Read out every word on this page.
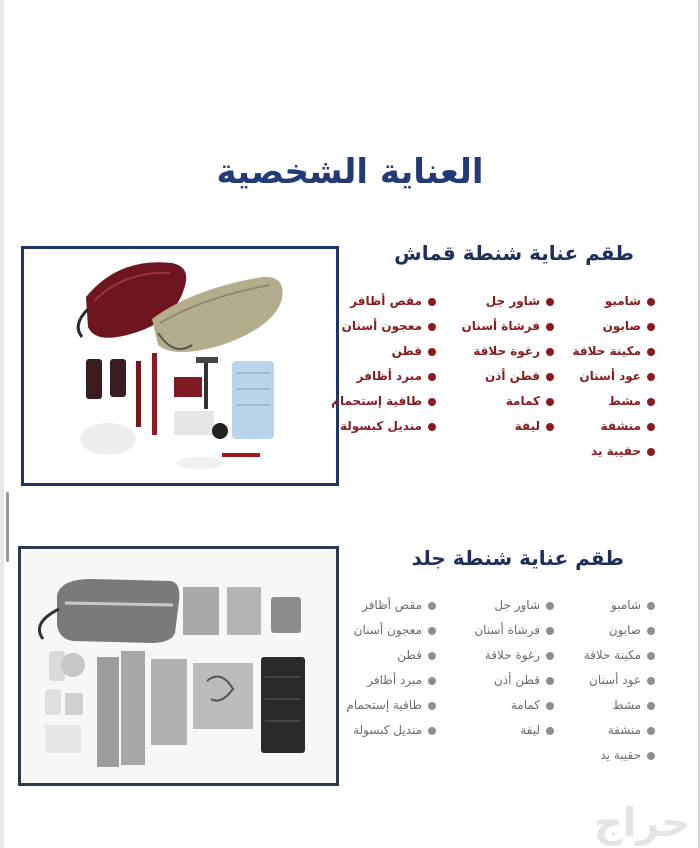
العناية الشخصية
طقم عناية شنطة قماش
شامبو
صابون
مكينة حلاقة
عود أسنان
مشط
منشفة
حقيبة يد
شاور جل
فرشاة أسنان
رغوة حلاقة
قطن أذن
كمامة
ليفة
مقص أظافر
معجون أسنان
قطن
مبرد أظافر
طاقية إستحمام
منديل كبسولة
طقم عناية شنطة جلد
شامبو
صابون
مكينة حلاقة
عود أسنان
مشط
منشفة
حقيبة يد
شاور جل
فرشاة أسنان
رغوة حلاقة
قطن أذن
كمامة
ليفة
مقص أظافر
معجون أسنان
قطن
مبرد أظافر
طاقية إستحمام
منديل كبسولة

حراج
